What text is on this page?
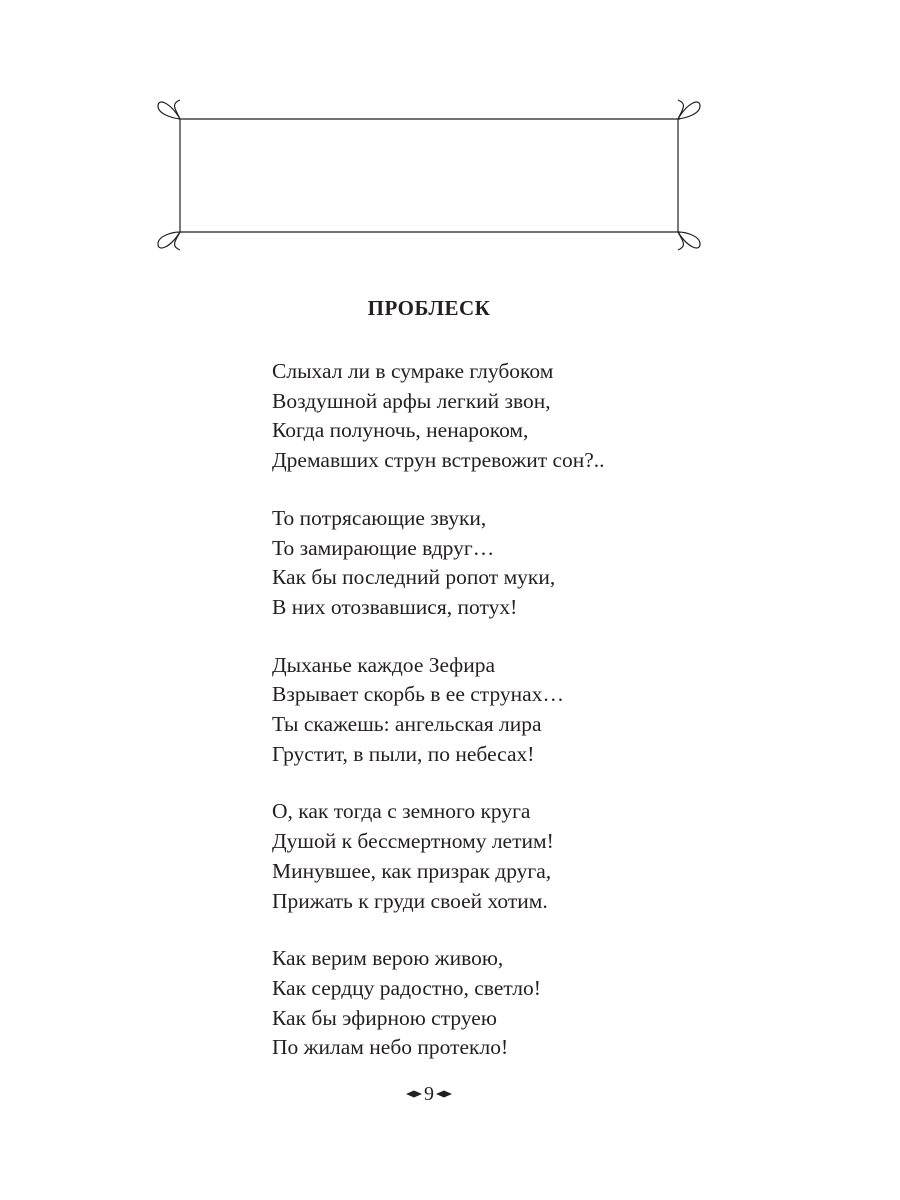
ПРОБЛЕСК
Слыхал ли в сумраке глубоком
Воздушной арфы легкий звон,
Когда полуночь, ненароком,
Дремавших струн встревожит сон?..
То потрясающие звуки,
То замирающие вдруг…
Как бы последний ропот муки,
В них отозвавшися, потух!
Дыханье каждое Зефира
Взрывает скорбь в ее струнах…
Ты скажешь: ангельская лира
Грустит, в пыли, по небесах!
О, как тогда с земного круга
Душой к бессмертному летим!
Минувшее, как призрак друга,
Прижать к груди своей хотим.
Как верим верою живою,
Как сердцу радостно, светло!
Как бы эфирною струею
По жилам небо протекло!
9
